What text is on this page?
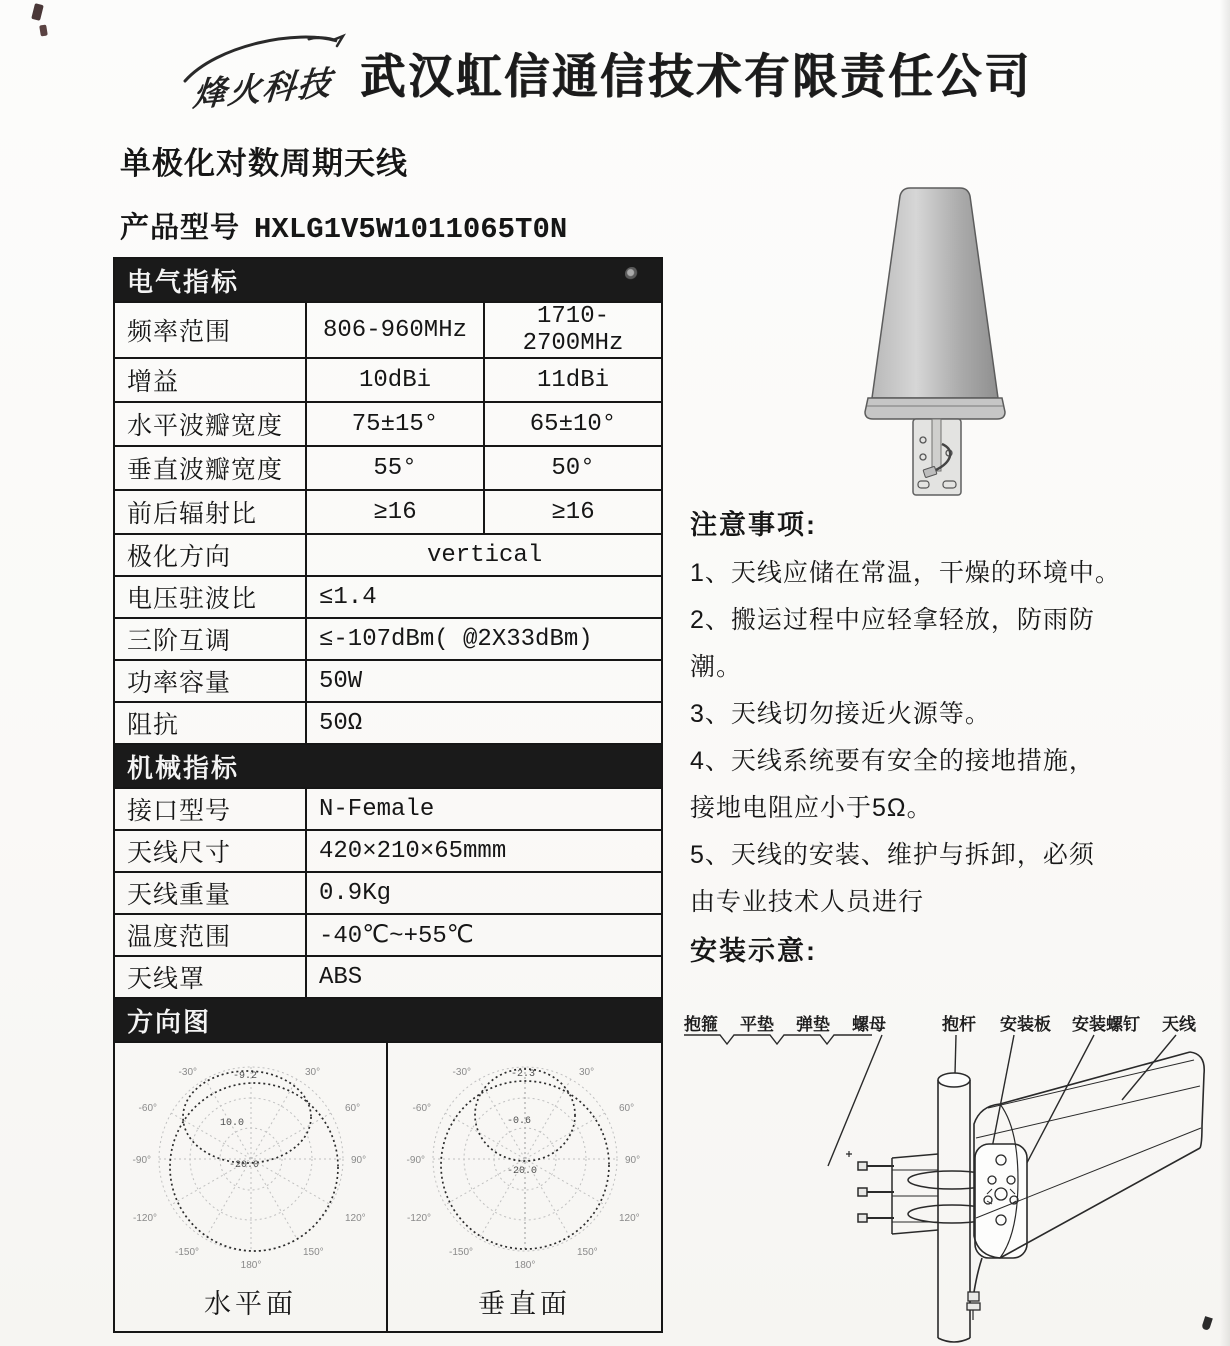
烽火科技 武汉虹信通信技术有限责任公司
单极化对数周期天线
产品型号 HXLG1V5W1011065T0N
电气指标		

频率范围	806-960MHz	1710-2700MHz
增益	10dBi	11dBi
水平波瓣宽度	75±15°	65±10°
垂直波瓣宽度	55°	50°
前后辐射比	≥16	≥16
极化方向	vertical	
电压驻波比	≤1.4	
三阶互调	≤-107dBm( @2X33dBm)	
功率容量	50W	
阻抗	50Ω	
机械指标		
接口型号	N-Female	
天线尺寸	420×210×65mmm	
天线重量	0.9Kg	
温度范围	-40℃~+55℃	
天线罩	ABS	
方向图		

-30°	30°
-60°	60°
-90°	90°
-120°	120°
-150°	150°
180°
-9.2
10.0
-20.0
水平面
-30°	30°
-60°	60°
-90°	90°
-120°	120°
-150°	150°
180°
-2.3
-0.6
-20.0
垂直面
注意事项:
1、天线应储在常温，干燥的环境中。
2、搬运过程中应轻拿轻放，防雨防
潮。
3、天线切勿接近火源等。
4、天线系统要有安全的接地措施，
接地电阻应小于5Ω。
5、天线的安装、维护与拆卸，必须
由专业技术人员进行
安装示意:
抱箍 平垫 弹垫 螺母	抱杆 安装板 安装螺钉 天线
